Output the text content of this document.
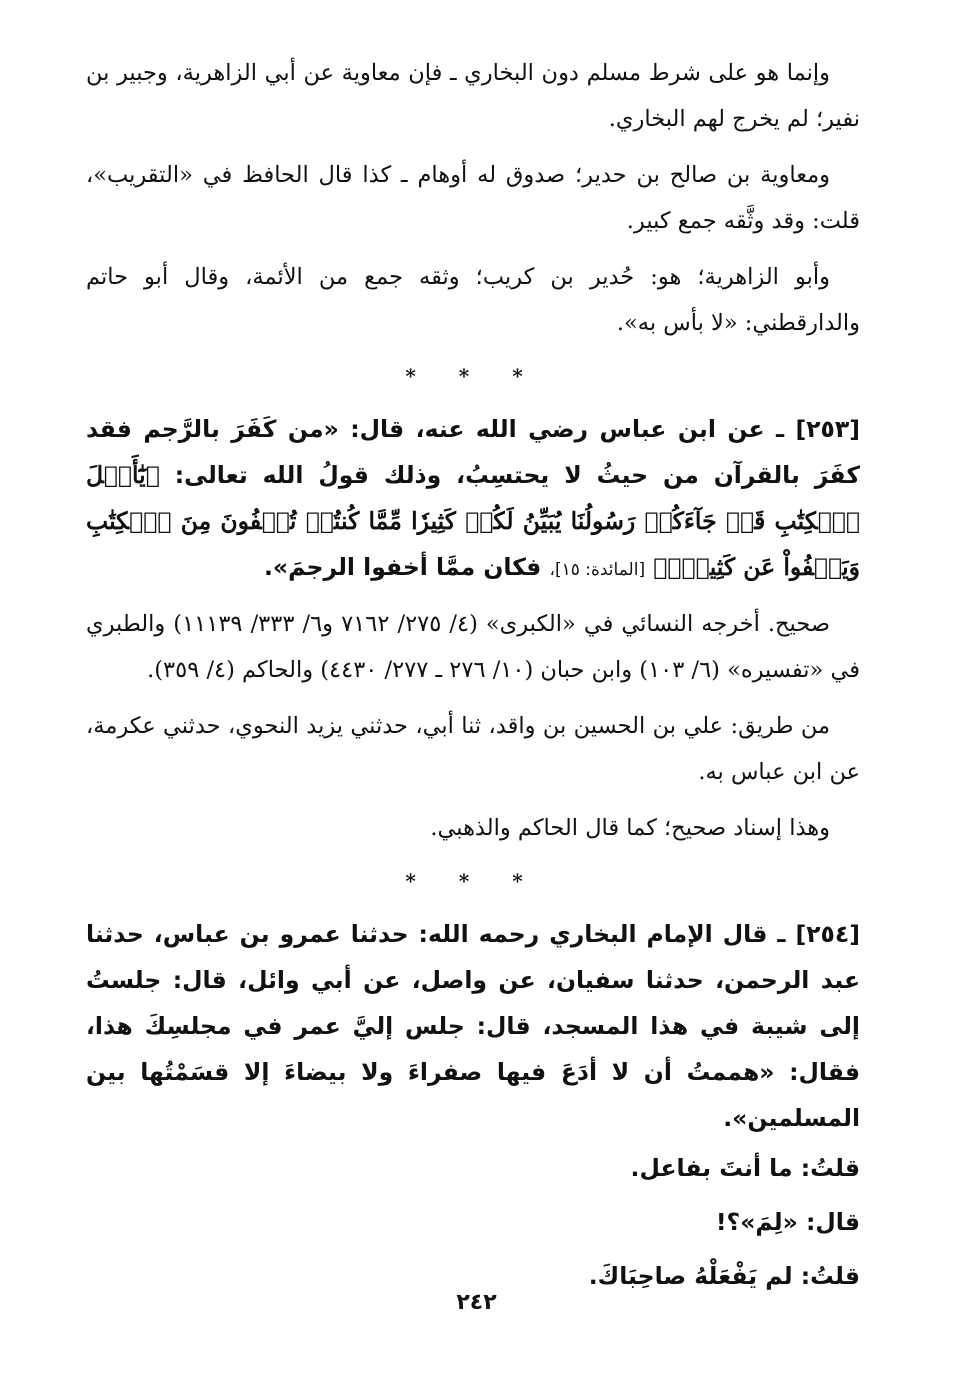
وإنما هو على شرط مسلم دون البخاري ـ فإن معاوية عن أبي الزاهرية، وجبير بن نفير؛ لم يخرج لهم البخاري.

ومعاوية بن صالح بن حدير؛ صدوق له أوهام ـ كذا قال الحافظ في «التقريب»، قلت: وقد وثَّقه جمع كبير.

وأبو الزاهرية؛ هو: حُدير بن كريب؛ وثقه جمع من الأئمة، وقال أبو حاتم والدارقطني: «لا بأس به».

* * *

[٢٥٣] ـ عن ابن عباس رضي الله عنه، قال: «من كَفَرَ بالرَّجم فقد كفَرَ بالقرآن من حيثُ لا يحتسِبُ، وذلك قولُ الله تعالى: ﴿يَٰٓأَهۡلَ ٱلۡكِتَٰبِ قَدۡ جَآءَكُمۡ رَسُولُنَا يُبَيِّنُ لَكُمۡ كَثِيرٗا مِّمَّا كُنتُمۡ تُخۡفُونَ مِنَ ٱلۡكِتَٰبِ وَيَعۡفُواْ عَن كَثِيرٖۚ﴾ [المائدة: ١٥]، فكان ممَّا أخفوا الرجمَ».

صحيح. أخرجه النسائي في «الكبرى» (٤/ ٢٧٥/ ٧١٦٢ و٦/ ٣٣٣/ ١١١٣٩) والطبري في «تفسيره» (٦/ ١٠٣) وابن حبان (١٠/ ٢٧٦ ـ ٢٧٧/ ٤٤٣٠) والحاكم (٤/ ٣٥٩).

من طريق: علي بن الحسين بن واقد، ثنا أبي، حدثني يزيد النحوي، حدثني عكرمة، عن ابن عباس به.

وهذا إسناد صحيح؛ كما قال الحاكم والذهبي.

* * *

[٢٥٤] ـ قال الإمام البخاري رحمه الله: حدثنا عمرو بن عباس، حدثنا عبد الرحمن، حدثنا سفيان، عن واصل، عن أبي وائل، قال: جلستُ إلى شيبة في هذا المسجد، قال: جلس إليَّ عمر في مجلسِكَ هذا، فقال: «هممتُ أن لا أدَعَ فيها صفراءَ ولا بيضاءَ إلا قسَمْتُها بين المسلمين».

قلتُ: ما أنتَ بفاعل.

قال: «لِمَ»؟!

قلتُ: لم يَفْعَلْهُ صاحِبَاكَ.

٢٤٢
